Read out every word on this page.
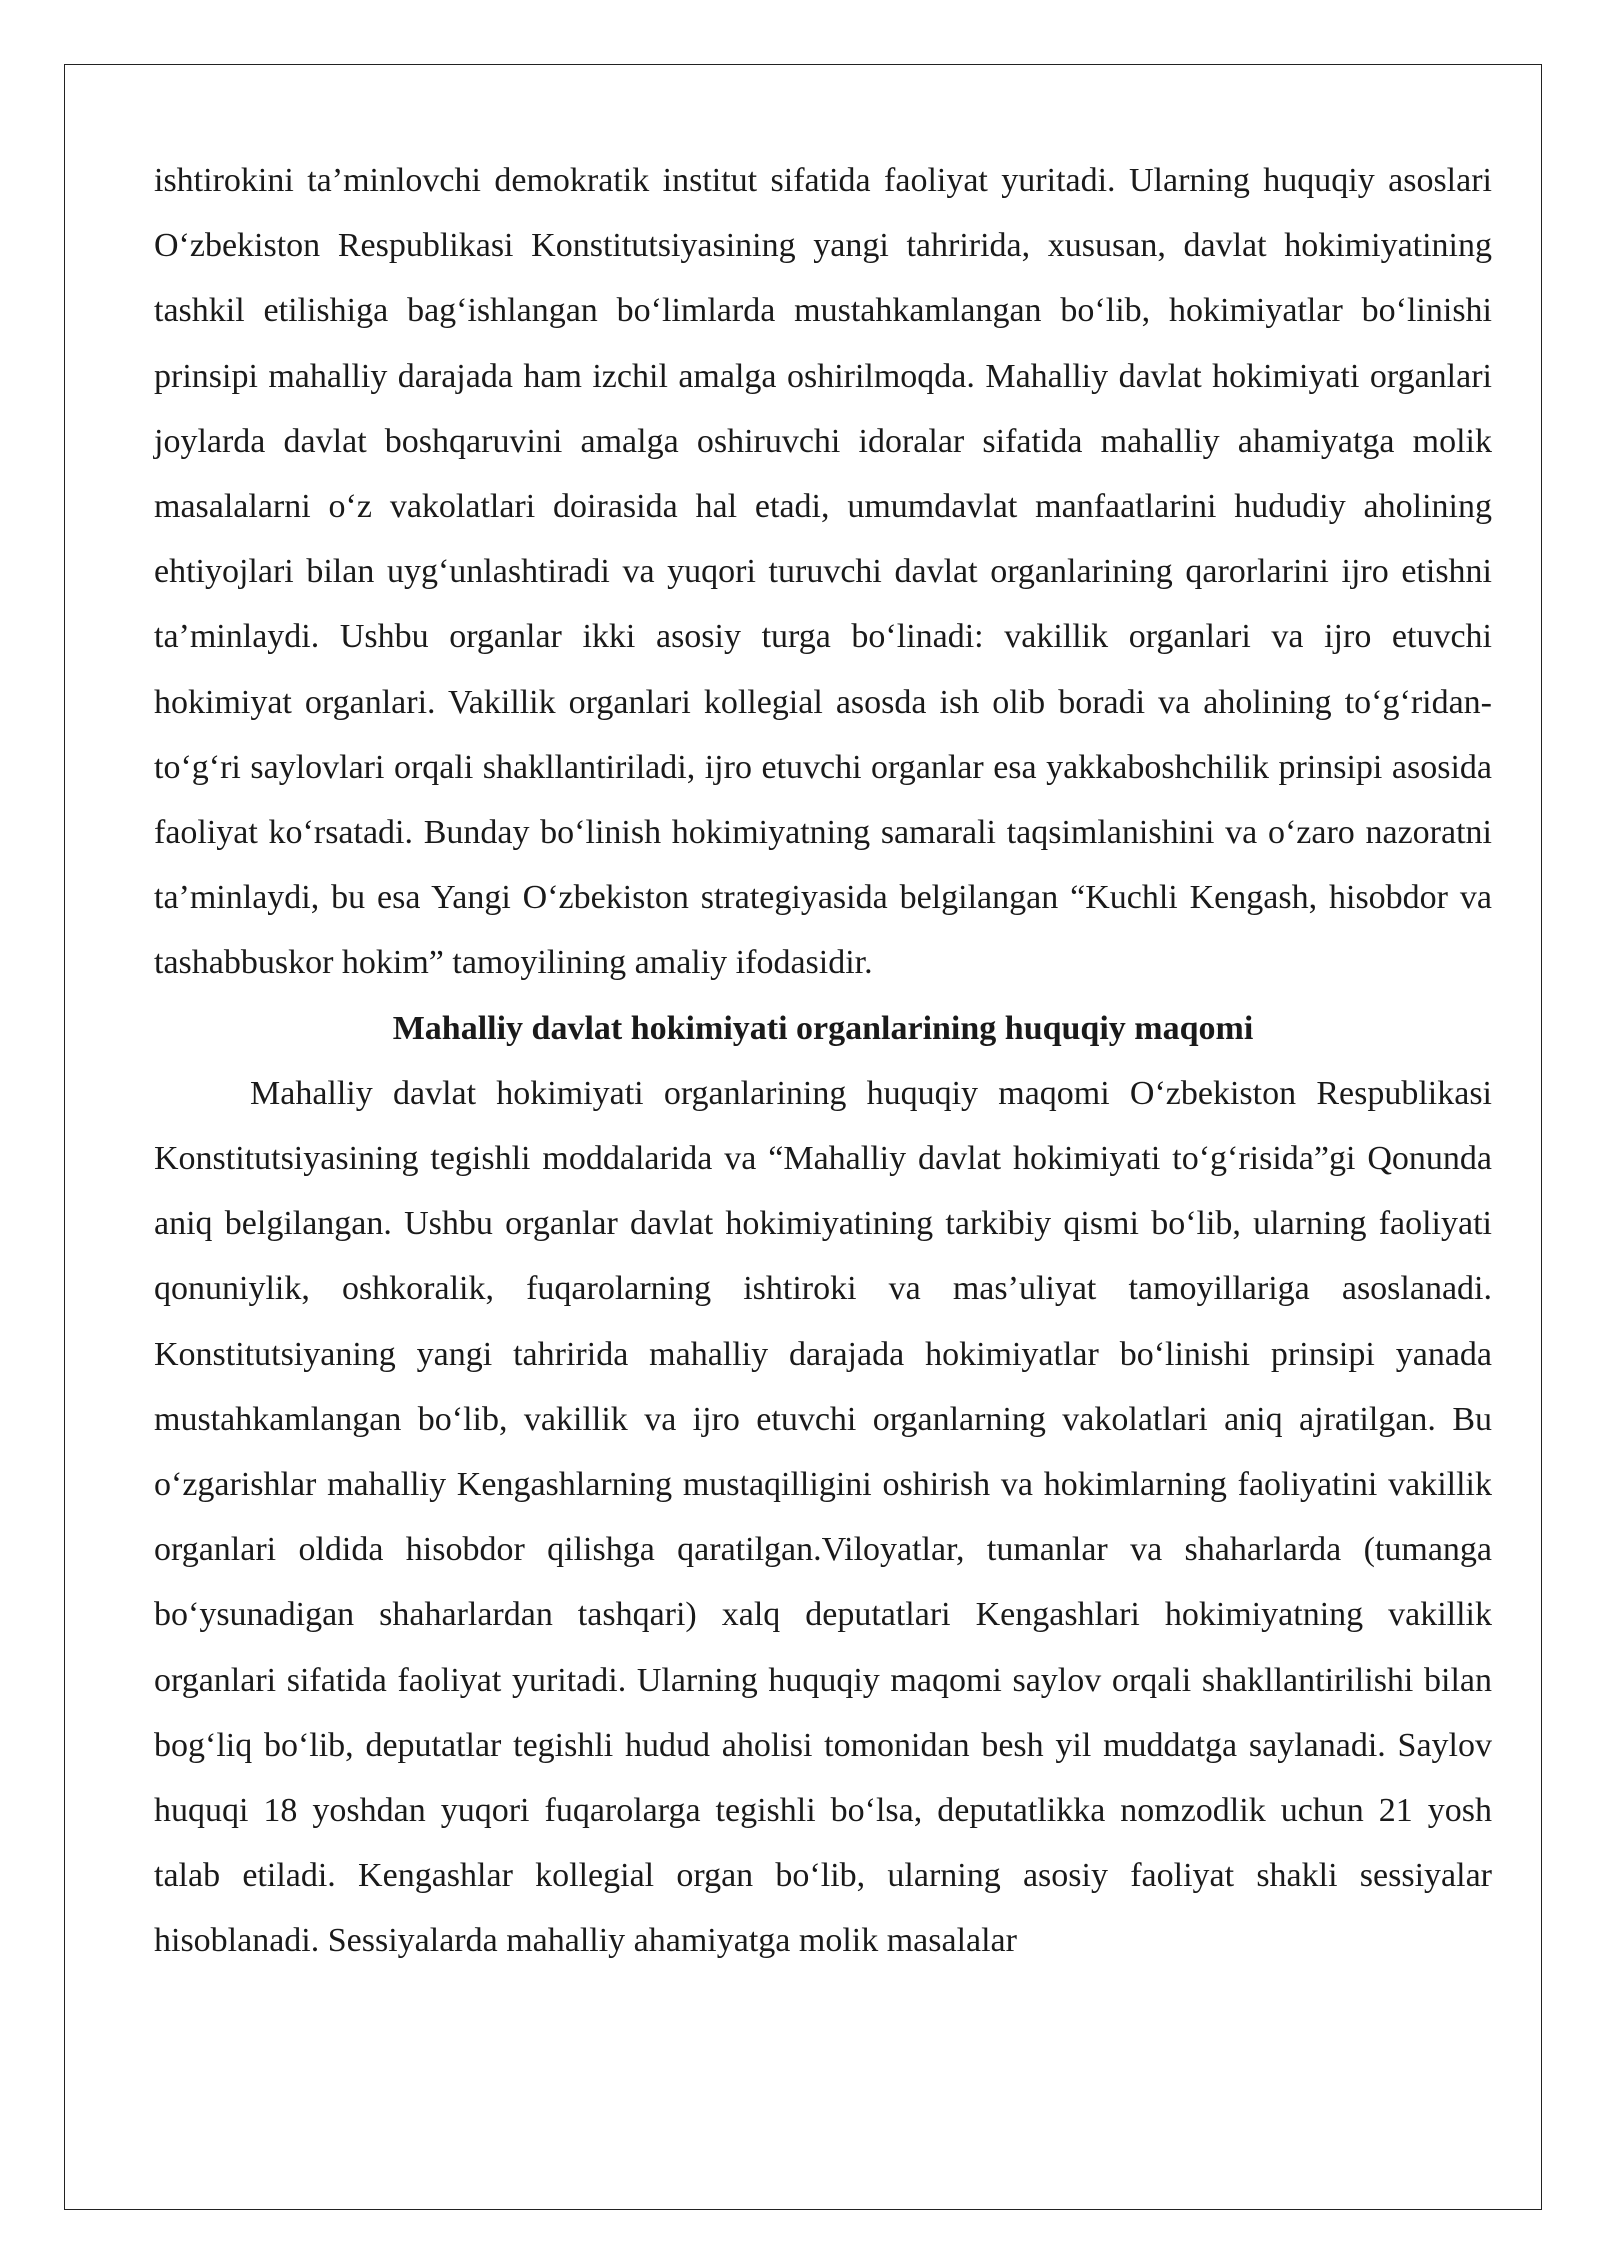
ishtirokini ta’minlovchi demokratik institut sifatida faoliyat yuritadi. Ularning huquqiy asoslari O‘zbekiston Respublikasi Konstitutsiyasining yangi tahririda, xususan, davlat hokimiyatining tashkil etilishiga bag‘ishlangan bo‘limlarda mustahkamlangan bo‘lib, hokimiyatlar bo‘linishi prinsipi mahalliy darajada ham izchil amalga oshirilmoqda. Mahalliy davlat hokimiyati organlari joylarda davlat boshqaruvini amalga oshiruvchi idoralar sifatida mahalliy ahamiyatga molik masalalarni o‘z vakolatlari doirasida hal etadi, umumdavlat manfaatlarini hududiy aholining ehtiyojlari bilan uyg‘unlashtiradi va yuqori turuvchi davlat organlarining qarorlarini ijro etishni ta’minlaydi. Ushbu organlar ikki asosiy turga bo‘linadi: vakillik organlari va ijro etuvchi hokimiyat organlari. Vakillik organlari kollegial asosda ish olib boradi va aholining to‘g‘ridan-to‘g‘ri saylovlari orqali shakllantiriladi, ijro etuvchi organlar esa yakkaboshchilik prinsipi asosida faoliyat ko‘rsatadi. Bunday bo‘linish hokimiyatning samarali taqsimlanishini va o‘zaro nazoratni ta’minlaydi, bu esa Yangi O‘zbekiston strategiyasida belgilangan “Kuchli Kengash, hisobdor va tashabbuskor hokim” tamoyilining amaliy ifodasidir.

Mahalliy davlat hokimiyati organlarining huquqiy maqomi

Mahalliy davlat hokimiyati organlarining huquqiy maqomi O‘zbekiston Respublikasi Konstitutsiyasining tegishli moddalarida va “Mahalliy davlat hokimiyati to‘g‘risida”gi Qonunda aniq belgilangan. Ushbu organlar davlat hokimiyatining tarkibiy qismi bo‘lib, ularning faoliyati qonuniylik, oshkoralik, fuqarolarning ishtiroki va mas’uliyat tamoyillariga asoslanadi. Konstitutsiyaning yangi tahririda mahalliy darajada hokimiyatlar bo‘linishi prinsipi yanada mustahkamlangan bo‘lib, vakillik va ijro etuvchi organlarning vakolatlari aniq ajratilgan. Bu o‘zgarishlar mahalliy Kengashlarning mustaqilligini oshirish va hokimlarning faoliyatini vakillik organlari oldida hisobdor qilishga qaratilgan.Viloyatlar, tumanlar va shaharlarda (tumanga bo‘ysunadigan shaharlardan tashqari) xalq deputatlari Kengashlari hokimiyatning vakillik organlari sifatida faoliyat yuritadi. Ularning huquqiy maqomi saylov orqali shakllantirilishi bilan bog‘liq bo‘lib, deputatlar tegishli hudud aholisi tomonidan besh yil muddatga saylanadi. Saylov huquqi 18 yoshdan yuqori fuqarolarga tegishli bo‘lsa, deputatlikka nomzodlik uchun 21 yosh talab etiladi. Kengashlar kollegial organ bo‘lib, ularning asosiy faoliyat shakli sessiyalar hisoblanadi. Sessiyalarda mahalliy ahamiyatga molik masalalar
